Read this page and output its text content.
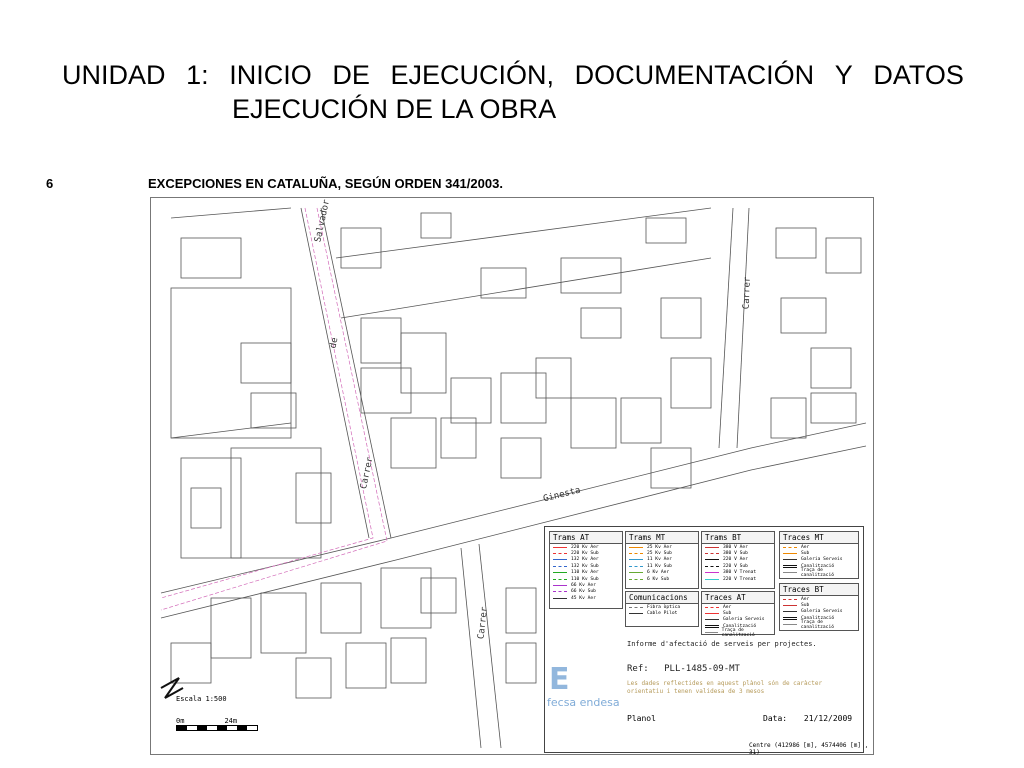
UNIDAD 1: INICIO DE EJECUCIÓN, DOCUMENTACIÓN Y DATOS
EJECUCIÓN DE LA OBRA
6	EXCEPCIONES EN CATALUÑA, SEGÚN ORDEN 341/2003.
Salvador
de
Carrer
Carrer
Ginesta
Carrer
Escala 1:500
0m	24m
Trams AT
220 Kv Aer
220 Kv Sub
132 Kv Aer
132 Kv Sub
110 Kv Aer
110 Kv Sub
66 Kv Aer
66 Kv Sub
45 Kv Aer
Trams MT
25 Kv Aer
25 Kv Sub
11 Kv Aer
11 Kv Sub
6 Kv Aer
6 Kv Sub
Trams BT
380 V Aer
380 V Sub
220 V Aer
220 V Sub
380 V Trenat
220 V Trenat
Traces MT
Aer
Sub
Galeria Serveis
Canalització
Traça de canalització
Comunicacions
Fibra òptica
Cable Pilot
Traces AT
Aer
Sub
Galeria Serveis
Canalització
Traça de canalització
Traces BT
Aer
Sub
Galeria Serveis
Canalització
Traça de canalització
Informe d'afectació de serveis per projectes.
Ref: PLL-1485-09-MT
Les dades reflectides en aquest plànol són de caràcter orientatiu i tenen validesa de 3 mesos
Planol	Data: 21/12/2009
E
fecsa endesa
Centre (412986 [m], 4574406 [m] , 31)
